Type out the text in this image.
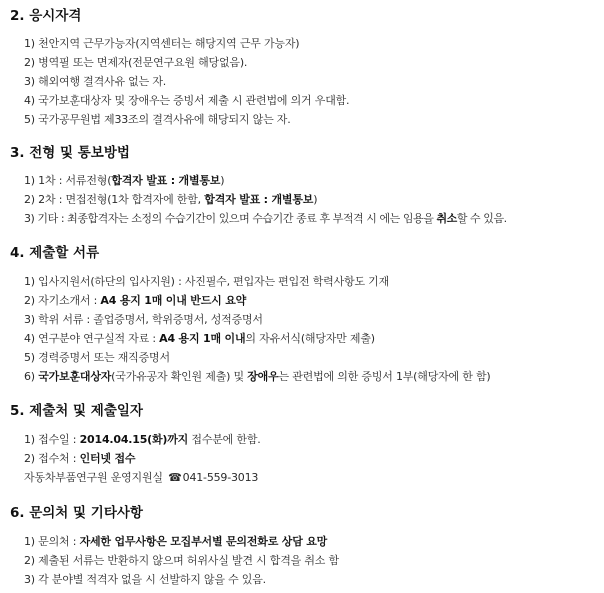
2. 응시자격
1) 천안지역 근무가능자(지역센터는 해당지역 근무 가능자)
2) 병역필 또는 면제자(전문연구요원 해당없음).
3) 해외여행 결격사유 없는 자.
4) 국가보훈대상자 및 장애우는 증빙서 제출 시 관련법에 의거 우대함.
5) 국가공무원법 제33조의 결격사유에 해당되지 않는 자.
3. 전형 및 통보방법
1) 1차 : 서류전형(합격자 발표 : 개별통보)
2) 2차 : 면접전형(1차 합격자에 한함, 합격자 발표 : 개별통보)
3) 기타 : 최종합격자는 소정의 수습기간이 있으며 수습기간 종료 후 부적격 시 에는 임용을 취소할 수 있음.
4. 제출할 서류
1) 입사지원서(하단의 입사지원) : 사진필수, 편입자는 편입전 학력사항도 기재
2) 자기소개서 : A4 용지 1매 이내 반드시 요약
3) 학위 서류 : 졸업증명서, 학위증명서, 성적증명서
4) 연구분야 연구실적 자료 : A4 용지 1매 이내의 자유서식(해당자만 제출)
5) 경력증명서 또는 재직증명서
6) 국가보훈대상자(국가유공자 확인원 제출) 및 장애우는 관련법에 의한 증빙서 1부(해당자에 한 함)
5. 제출처 및 제출일자
1) 접수일 : 2014.04.15(화)까지 접수분에 한함.
2) 접수처 : 인터넷 접수
자동차부품연구원 운영지원실 ☎041-559-3013
6. 문의처 및 기타사항
1) 문의처 : 자세한 업무사항은 모집부서별 문의전화로 상담 요망
2) 제출된 서류는 반환하지 않으며 허위사실 발견 시 합격을 취소 함
3) 각 분야별 적격자 없을 시 선발하지 않을 수 있음.
